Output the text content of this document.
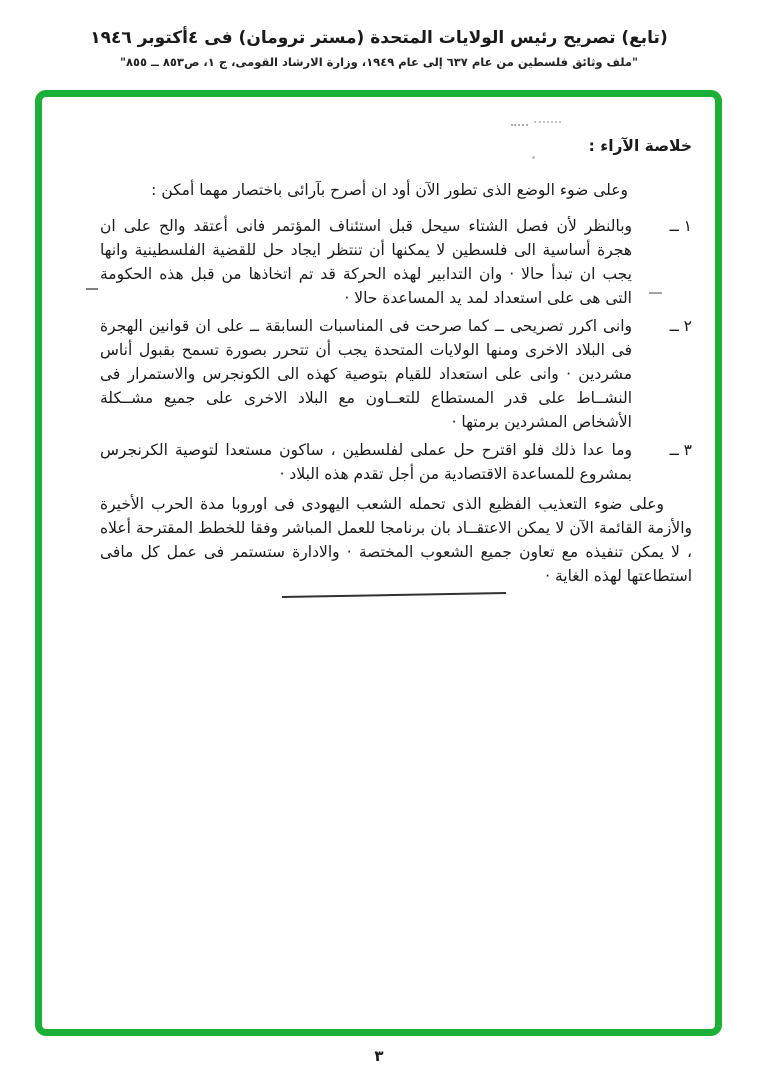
(تابع) تصريح رئيس الولايات المتحدة (مستر ترومان) فى ٤أكتوبر ١٩٤٦
"ملف وثائق فلسطين من عام ٦٣٧ إلى عام ١٩٤٩، وزارة الارشاد القومى، ج ١، ص٨٥٣ ــ ٨٥٥"
خلاصة الآراء :

وعلى ضوء الوضع الذى تطور الآن أود ان أصرح بآرائى باختصار مهما أمكن :

١ ــ
وبالنظر لأن فصل الشتاء سيحل قبل استئناف المؤتمر فانى أعتقد والح على ان هجرة أساسية الى فلسطين لا يمكنها أن تنتظر ايجاد حل للقضية الفلسطينية وانها يجب ان تبدأ حالا · وان التدابير لهذه الحركة قد تم اتخاذها من قبل هذه الحكومة التى هى على استعداد لمد يد المساعدة حالا ·
٢ ــ
وانى اكرر تصريحى ــ كما صرحت فى المناسبات السابقة ــ على ان قوانين الهجرة فى البلاد الاخرى ومنها الولايات المتحدة يجب أن تتحرر بصورة تسمح بقبول أناس مشردين · وانى على استعداد للقيام بتوصية كهذه الى الكونجرس والاستمرار فى النشــاط على قدر المستطاع للتعــاون مع البلاد الاخرى على جميع مشــكلة الأشخاص المشردين برمتها ·
٣ ــ
وما عدا ذلك فلو اقترح حل عملى لفلسطين ، ساكون مستعدا لتوصية الكرنجرس بمشروع للمساعدة الاقتصادية من أجل تقدم هذه البلاد ·

وعلى ضوء التعذيب الفظيع الذى تحمله الشعب اليهودى فى اوروبا مدة الحرب الأخيرة والأزمة القائمة الآن لا يمكن الاعتقــاد بان برنامجا للعمل المباشر وفقا للخطط المقترحة أعلاه ، لا يمكن تنفيذه مع تعاون جميع الشعوب المختصة · والادارة ستستمر فى عمل كل مافى استطاعتها لهذه الغاية ·

٣
